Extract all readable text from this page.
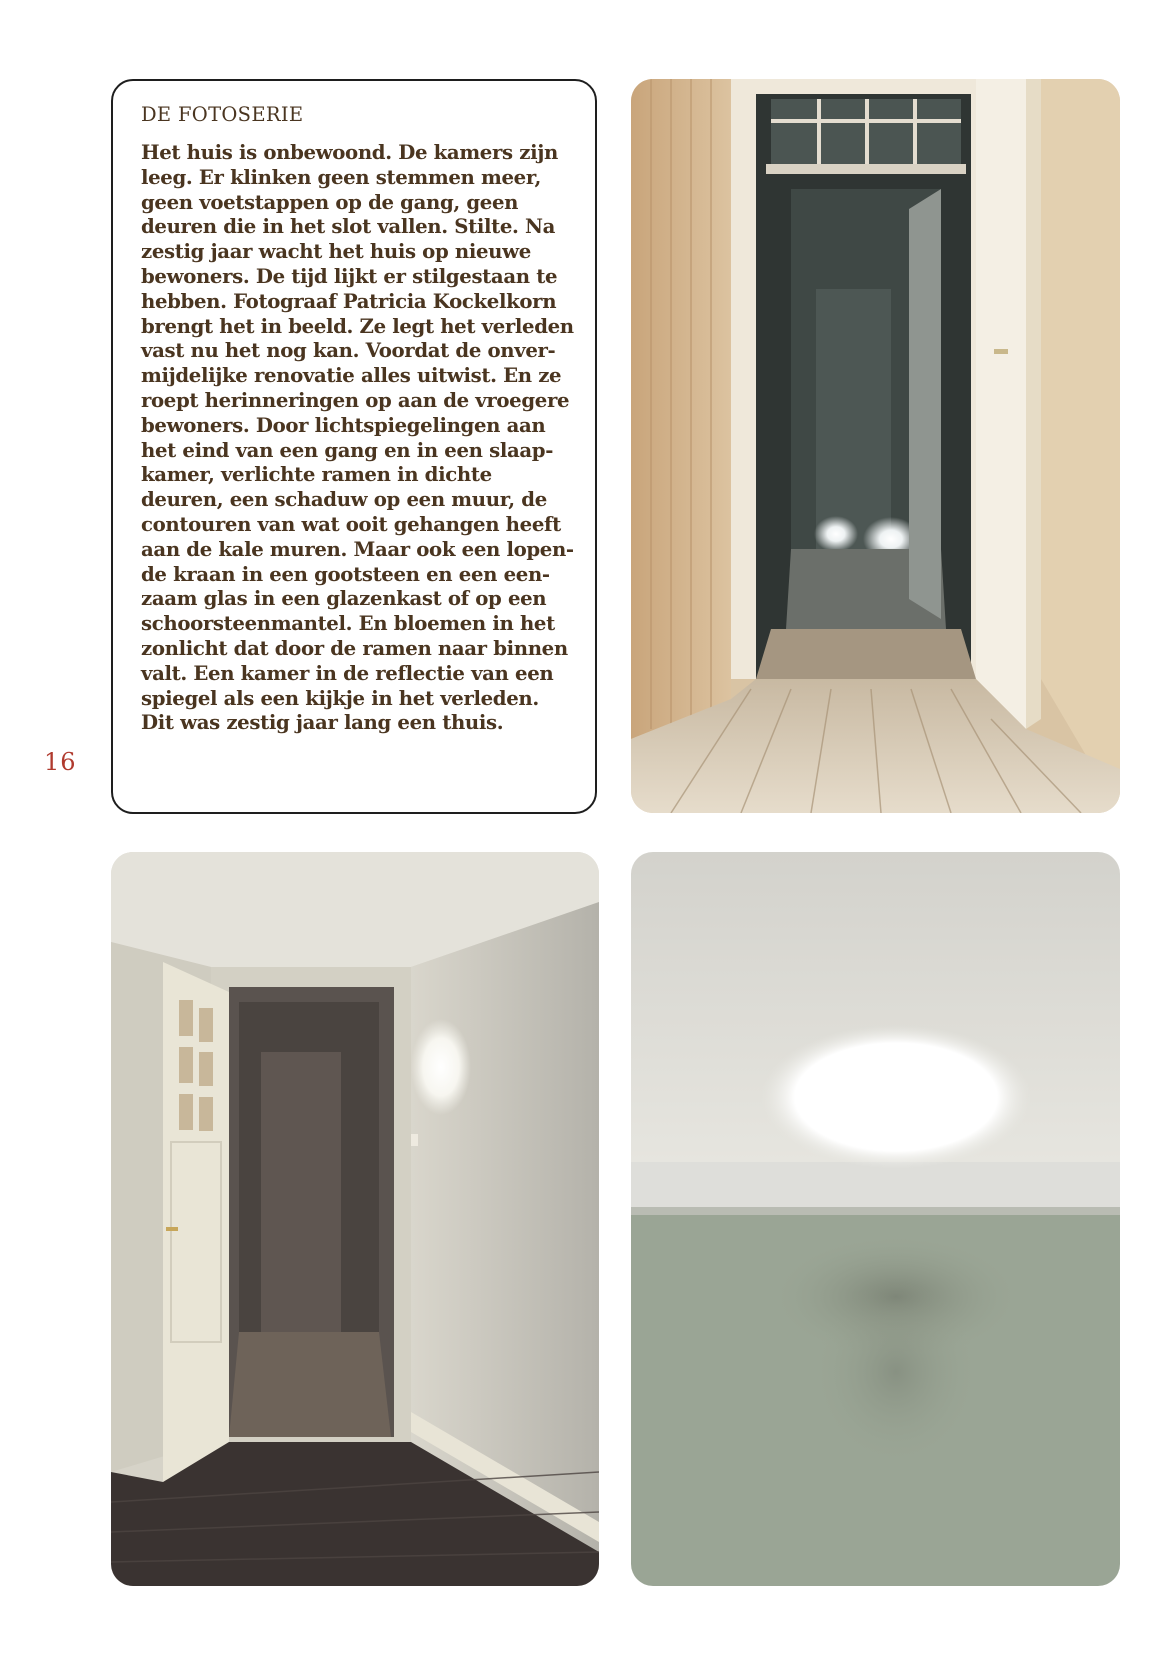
16
DE FOTOSERIE
Het huis is onbewoond. De kamers zijn
leeg. Er klinken geen stemmen meer,
geen voetstappen op de gang, geen
deuren die in het slot vallen. Stilte. Na
zestig jaar wacht het huis op nieuwe
bewoners. De tijd lijkt er stilgestaan te
hebben. Fotograaf Patricia Kockelkorn
brengt het in beeld. Ze legt het verleden
vast nu het nog kan. Voordat de onver-
mijdelijke renovatie alles uitwist. En ze
roept herinneringen op aan de vroegere
bewoners. Door lichtspiegelingen aan
het eind van een gang en in een slaap-
kamer, verlichte ramen in dichte
deuren, een schaduw op een muur, de
contouren van wat ooit gehangen heeft
aan de kale muren. Maar ook een lopen-
de kraan in een gootsteen en een een-
zaam glas in een glazenkast of op een
schoorsteenmantel. En bloemen in het
zonlicht dat door de ramen naar binnen
valt. Een kamer in de reflectie van een
spiegel als een kijkje in het verleden.
Dit was zestig jaar lang een thuis.
